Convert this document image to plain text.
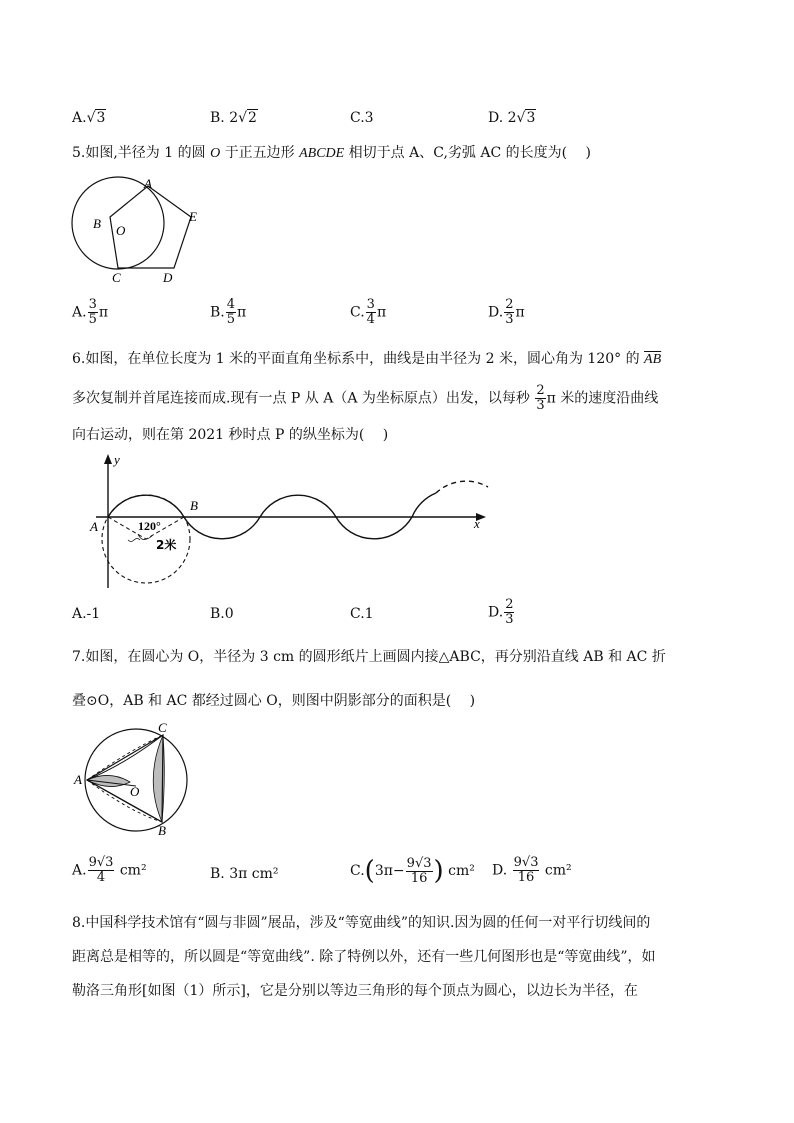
A.√3	B. 2√2	C.3	D. 2√3
5.如图,半径为 1 的圆 O 于正五边形 ABCDE 相切于点 A、C,劣弧 AC 的长度为(　 )
A
B
C	D
E
O
A. $\frac{3}{5}$ π	B. $\frac{4}{5}$ π	C. $\frac{3}{4}$ π	D. $\frac{2}{3}$ π
6.如图，在单位长度为 1 米的平面直角坐标系中，曲线是由半径为 2 米，圆心角为 120° 的 $\overline{AB}$
多次复制并首尾连接而成.现有一点 P 从 A（A 为坐标原点）出发，以每秒 $\frac{2}{3}$ π 米的速度沿曲线
向右运动，则在第 2021 秒时点 P 的纵坐标为(　 )
y
x
A
B
120°
2米
A.-1	B.0	C.1	D. $\frac{2}{3}$
7.如图，在圆心为 O，半径为 3 cm 的圆形纸片上画圆内接△ABC，再分别沿直线 AB 和 AC 折
叠⊙O，AB 和 AC 都经过圆心 O，则图中阴影部分的面积是(　 )
A
C
B
O
A. $\frac{9√3}{4} cm^2$	B. 3π cm²	$C.(3\pi- \frac{9√3}{16}$ ) cm² D. $\frac{9√3}{16} cm^2$
8.中国科学技术馆有“圆与非圆”展品，涉及“等宽曲线”的知识.因为圆的任何一对平行切线间的
距离总是相等的，所以圆是“等宽曲线”. 除了特例以外，还有一些几何图形也是“等宽曲线”，如
勒洛三角形[如图（1）所示]，它是分别以等边三角形的每个顶点为圆心，以边长为半径，在
